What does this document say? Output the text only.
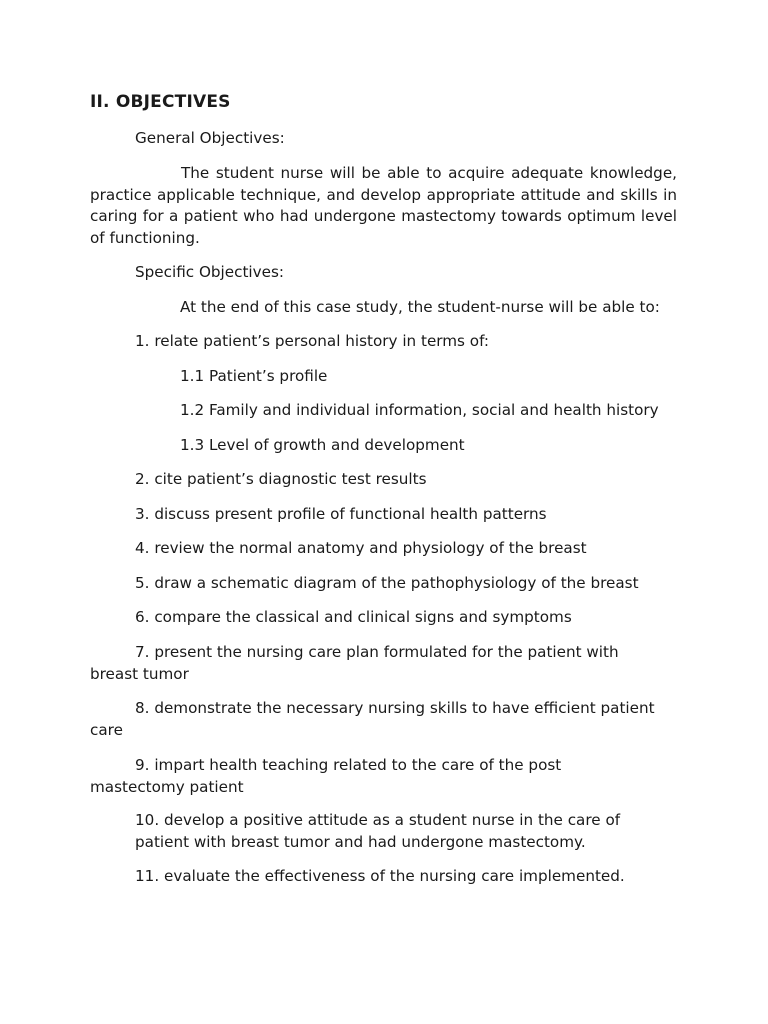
II. OBJECTIVES

General Objectives:

The student nurse will be able to acquire adequate knowledge, practice applicable technique, and develop appropriate attitude and skills in caring for a patient who had undergone mastectomy towards optimum level of functioning.

Specific Objectives:

At the end of this case study, the student-nurse will be able to:

1. relate patient’s personal history in terms of:

1.1 Patient’s profile

1.2 Family and individual information, social and health history

1.3 Level of growth and development

2. cite patient’s diagnostic test results

3. discuss present profile of functional health patterns

4. review the normal anatomy and physiology of the breast

5. draw a schematic diagram of the pathophysiology of the breast

6. compare the classical and clinical signs and symptoms

7. present the nursing care plan formulated for the patient with breast tumor

8. demonstrate the necessary nursing skills to have efficient patient care

9. impart health teaching related to the care of the post mastectomy patient

10. develop a positive attitude as a student nurse in the care of patient with breast tumor and had undergone mastectomy.

11. evaluate the effectiveness of the nursing care implemented.
